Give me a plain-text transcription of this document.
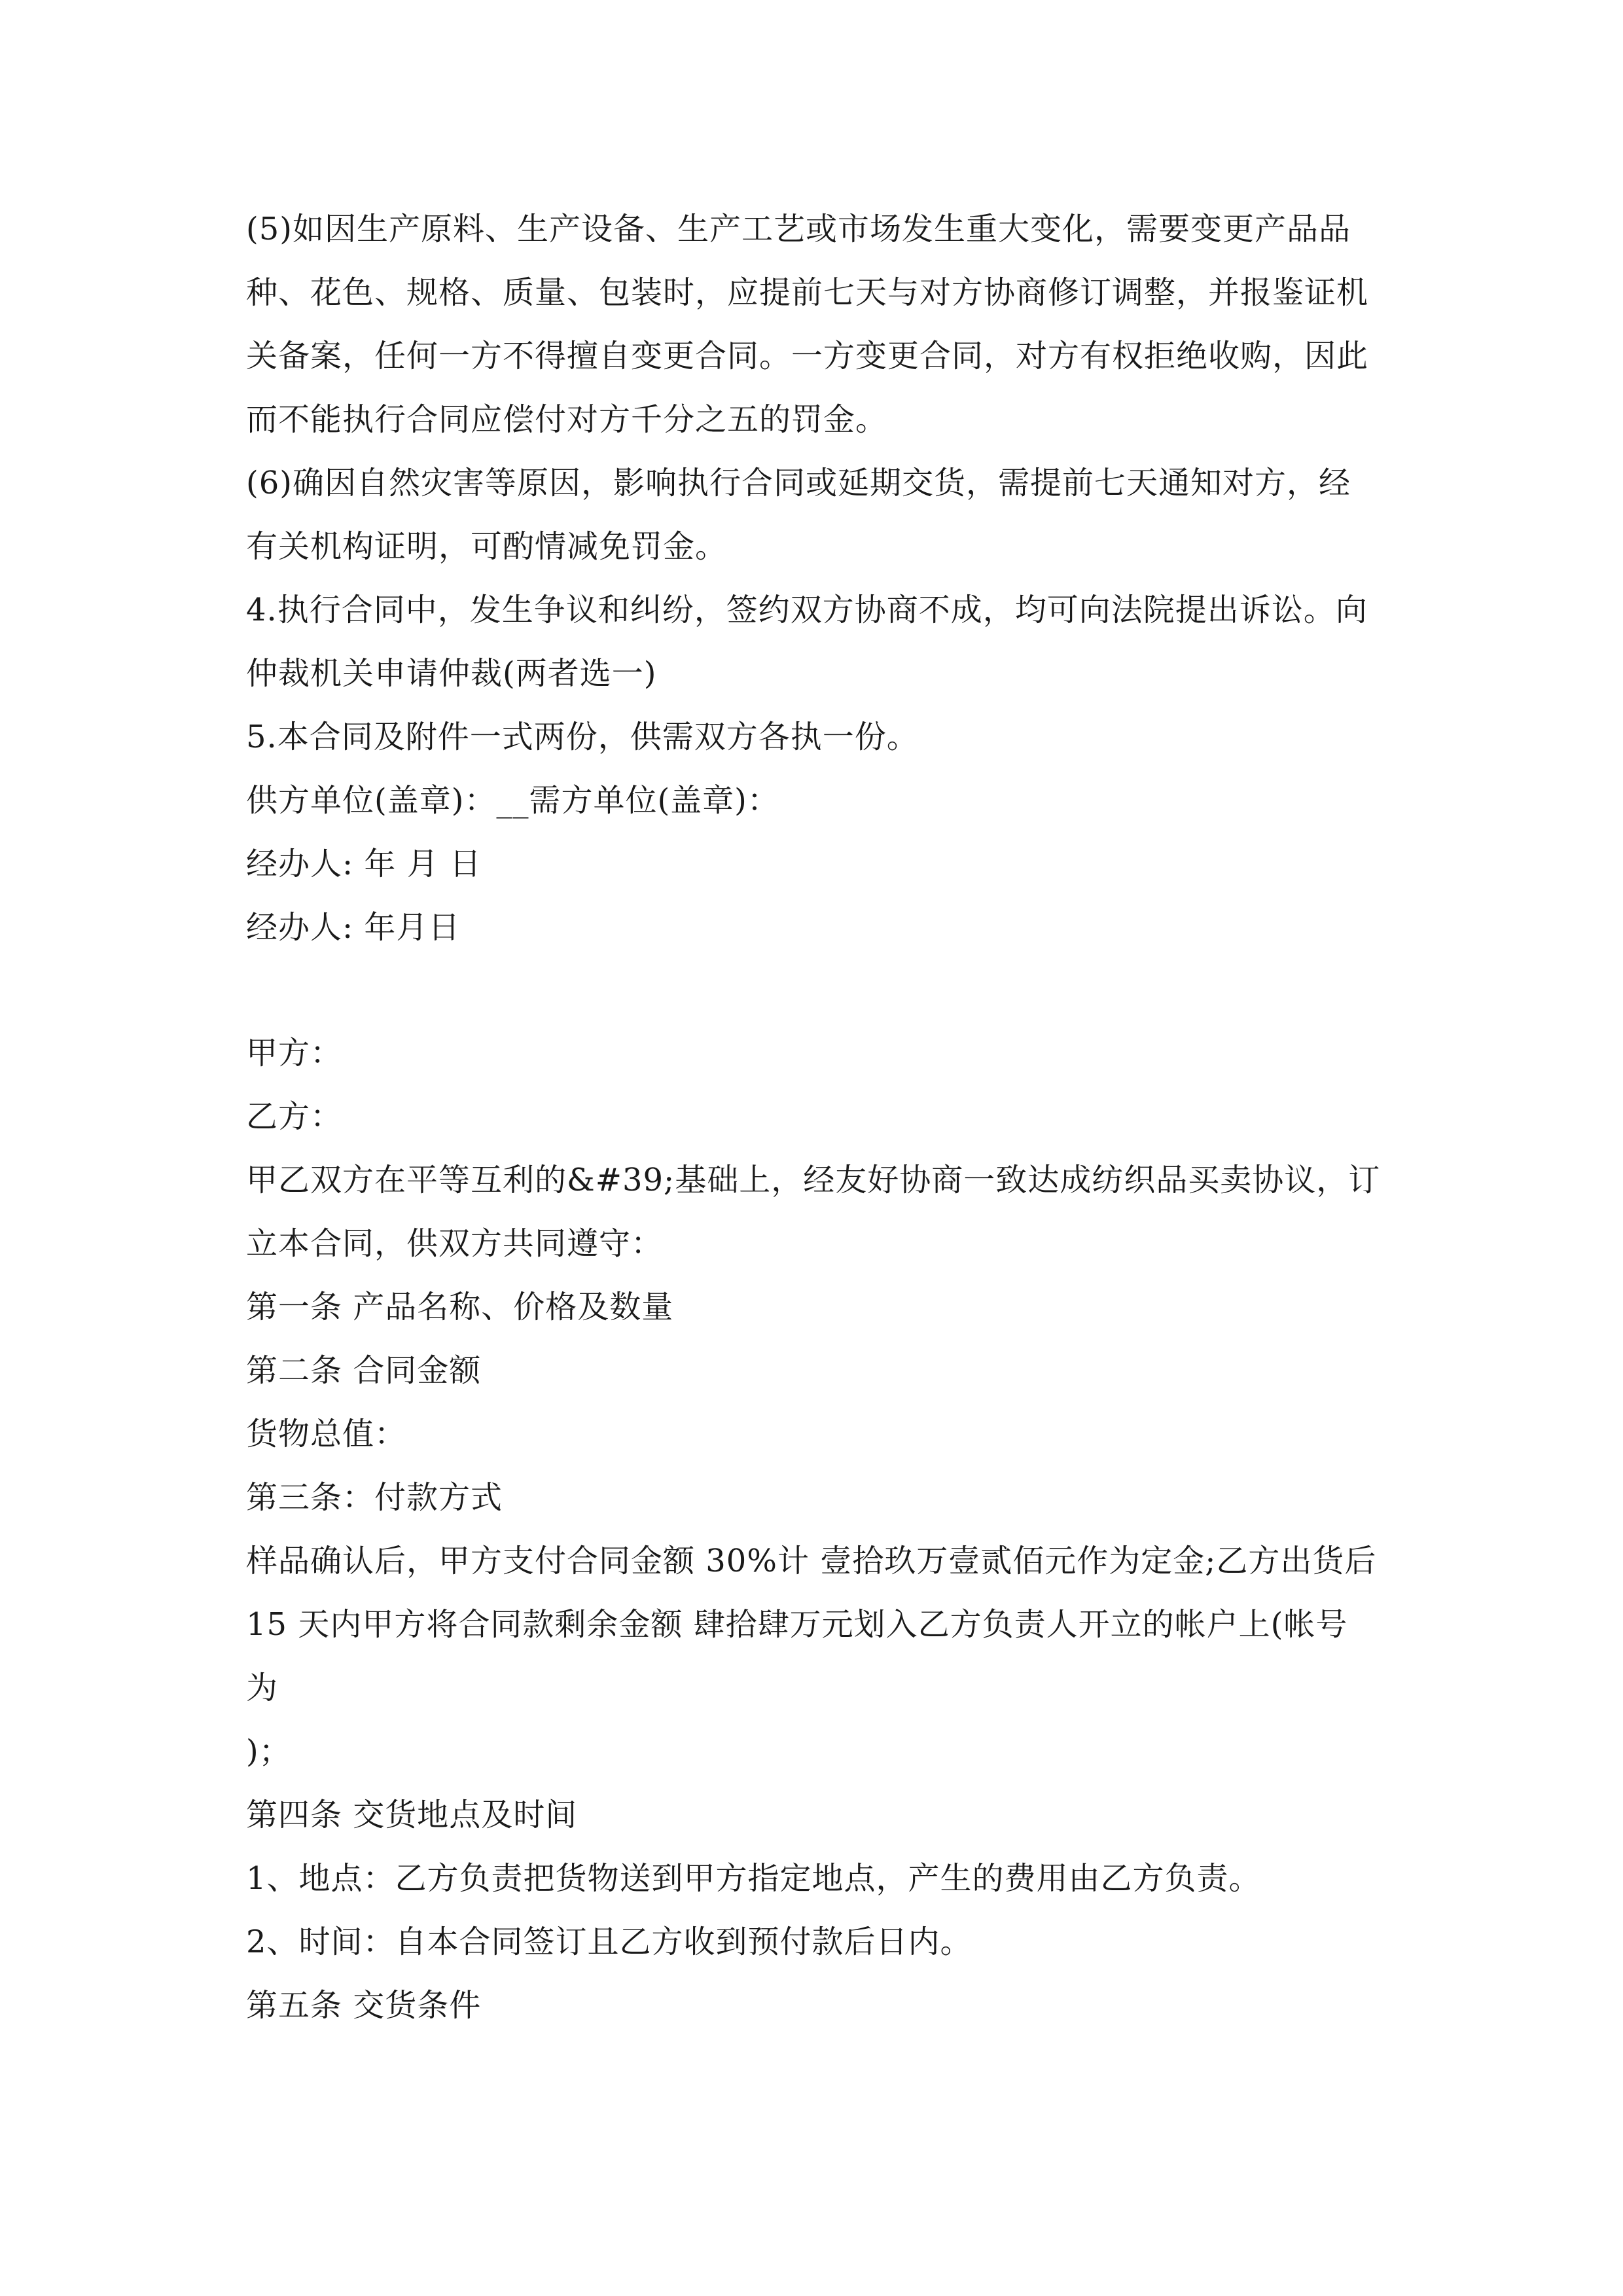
(5)如因生产原料、生产设备、生产工艺或市场发生重大变化，需要变更产品品
种、花色、规格、质量、包装时，应提前七天与对方协商修订调整，并报鉴证机
关备案，任何一方不得擅自变更合同。一方变更合同，对方有权拒绝收购，因此
而不能执行合同应偿付对方千分之五的罚金。
(6)确因自然灾害等原因，影响执行合同或延期交货，需提前七天通知对方，经
有关机构证明，可酌情减免罚金。
4.执行合同中，发生争议和纠纷，签约双方协商不成，均可向法院提出诉讼。向
仲裁机关申请仲裁(两者选一)
5.本合同及附件一式两份，供需双方各执一份。
供方单位(盖章)：__需方单位(盖章)：
经办人: 年 月 日
经办人: 年月日
甲方：
乙方：
甲乙双方在平等互利的&#39;基础上，经友好协商一致达成纺织品买卖协议，订
立本合同，供双方共同遵守：
第一条 产品名称、价格及数量
第二条 合同金额
货物总值：
第三条：付款方式
样品确认后，甲方支付合同金额 30%计 壹拾玖万壹贰佰元作为定金;乙方出货后
15 天内甲方将合同款剩余金额 肆拾肆万元划入乙方负责人开立的帐户上(帐号
为
)；
第四条 交货地点及时间
1、地点：乙方负责把货物送到甲方指定地点，产生的费用由乙方负责。
2、时间：自本合同签订且乙方收到预付款后日内。
第五条 交货条件
